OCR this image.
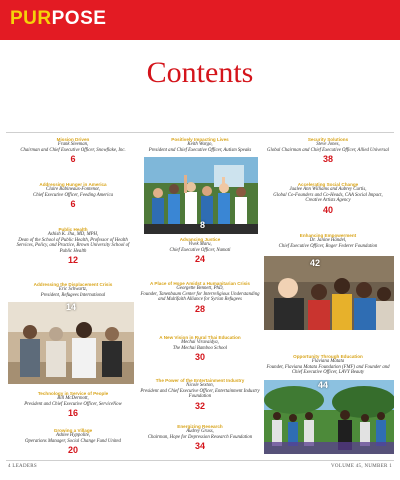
PURPOSE
Contents
Mission Driven
Frank Sleeman,
Chairman and Chief Executive Officer, Snowflake, Inc.
6
Positively Impacting Lives
Keith Wargo,
President and Chief Executive Officer, Autism Speaks
Security Solutions
Steve Jones,
Global Chairman and Chief Executive Officer, Allied Universal
38
8
Addressing Hunger in America
Claire Babineaux-Fontenot,
Chief Executive Officer, Feeding America
6
Accelerating Social Change
Jaalee Ann Williams and Aubrey Curtis,
Global Co-Founders and Co-Heads, CAA Social Impact, Creative Artists Agency
40
Public Health
Ashish K. Jha, MD, MPH,
Dean of the School of Public Health, Professor of Health Services, Policy, and Practice, Brown University School of Public Health
12
Advancing Justice
Vivek Maru,
Chief Executive Officer, Namati
24
Enhancing Empowerment
Dr. Janine Händel,
Chief Executive Officer, Roger Federer Foundation
42
Addressing the Displacement Crisis
Eric Schwartz,
President, Refugees International
A Place of Hope Amidst a Humanitarian Crisis
Georgette Bennett, PhD,
Founder, Tanenbaum Center for Interreligious Understanding and Multifaith Alliance for Syrian Refugees
28
14
A New Vision in Rural Thai Education
Mechai Viravaidya,
The Mechai Bamboo School
30	Opportunity Through Education
Flaviana Matata
Founder, Flaviana Matata Foundation (FMF) and Founder and Chief Executive Officer, LAVY Beauty
44
The Power of the Entertainment Industry
Nicole Sexton,
President and Chief Executive Officer, Entertainment Industry Foundation
32
Technology in Service of People
Bill McDermott,
President and Chief Executive Officer, ServiceNow
16
Growing a Village
Ashlee Hyppolite,
Operations Manager, Social Change Fund United
20
Energizing Research
Audrey Gruss,
Chairman, Hope for Depression Research Foundation
34
4 LEADERS	VOLUME 45, NUMBER 1
